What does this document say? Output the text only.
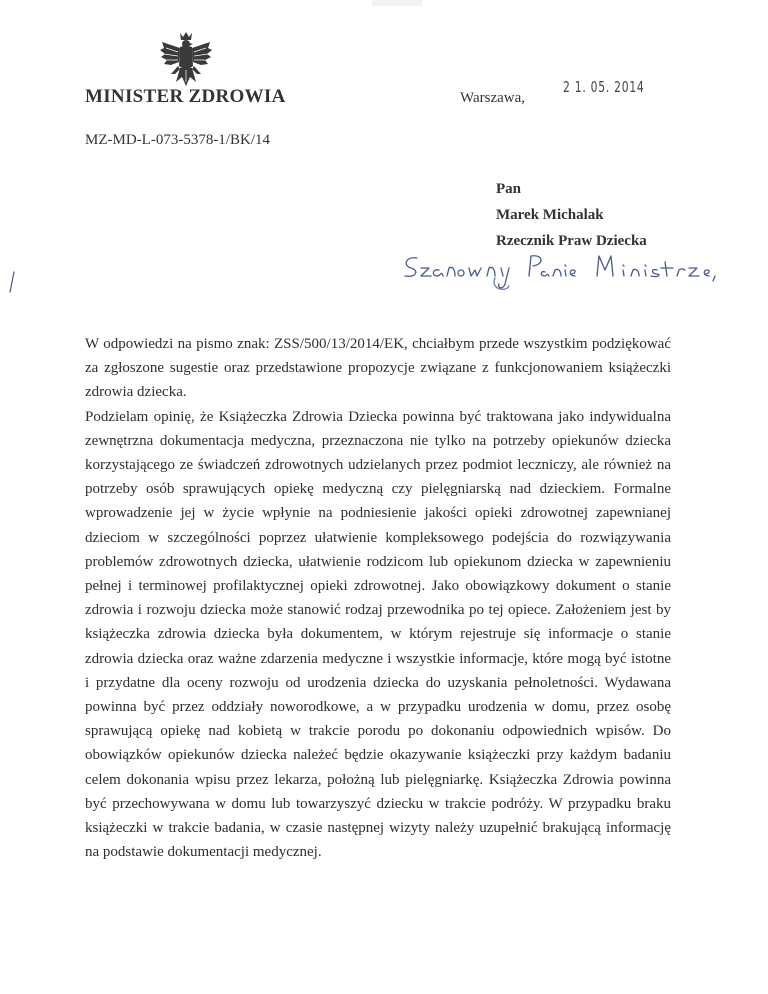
MINISTER ZDROWIA	Warszawa,
2 1. 05. 2014
MZ-MD-L-073-5378-1/BK/14
Pan
Marek Michalak
Rzecznik Praw Dziecka

W odpowiedzi na pismo znak: ZSS/500/13/2014/EK, chciałbym przede wszystkim podziękować za zgłoszone sugestie oraz przedstawione propozycje związane z funkcjonowaniem książeczki zdrowia dziecka.

Podzielam opinię, że Książeczka Zdrowia Dziecka powinna być traktowana jako indywidualna zewnętrzna dokumentacja medyczna, przeznaczona nie tylko na potrzeby opiekunów dziecka korzystającego ze świadczeń zdrowotnych udzielanych przez podmiot leczniczy, ale również na potrzeby osób sprawujących opiekę medyczną czy pielęgniarską nad dzieckiem. Formalne wprowadzenie jej w życie wpłynie na podniesienie jakości opieki zdrowotnej zapewnianej dzieciom w szczególności poprzez ułatwienie kompleksowego podejścia do rozwiązywania problemów zdrowotnych dziecka, ułatwienie rodzicom lub opiekunom dziecka w zapewnieniu pełnej i terminowej profilaktycznej opieki zdrowotnej. Jako obowiązkowy dokument o stanie zdrowia i rozwoju dziecka może stanowić rodzaj przewodnika po tej opiece. Założeniem jest by książeczka zdrowia dziecka była dokumentem, w którym rejestruje się informacje o stanie zdrowia dziecka oraz ważne zdarzenia medyczne i wszystkie informacje, które mogą być istotne i przydatne dla oceny rozwoju od urodzenia dziecka do uzyskania pełnoletności. Wydawana powinna być przez oddziały noworodkowe, a w przypadku urodzenia w domu, przez osobę sprawującą opiekę nad kobietą w trakcie porodu po dokonaniu odpowiednich wpisów. Do obowiązków opiekunów dziecka należeć będzie okazywanie książeczki przy każdym badaniu celem dokonania wpisu przez lekarza, położną lub pielęgniarkę. Książeczka Zdrowia powinna być przechowywana w domu lub towarzyszyć dziecku w trakcie podróży. W przypadku braku książeczki w trakcie badania, w czasie następnej wizyty należy uzupełnić brakującą informację na podstawie dokumentacji medycznej.
